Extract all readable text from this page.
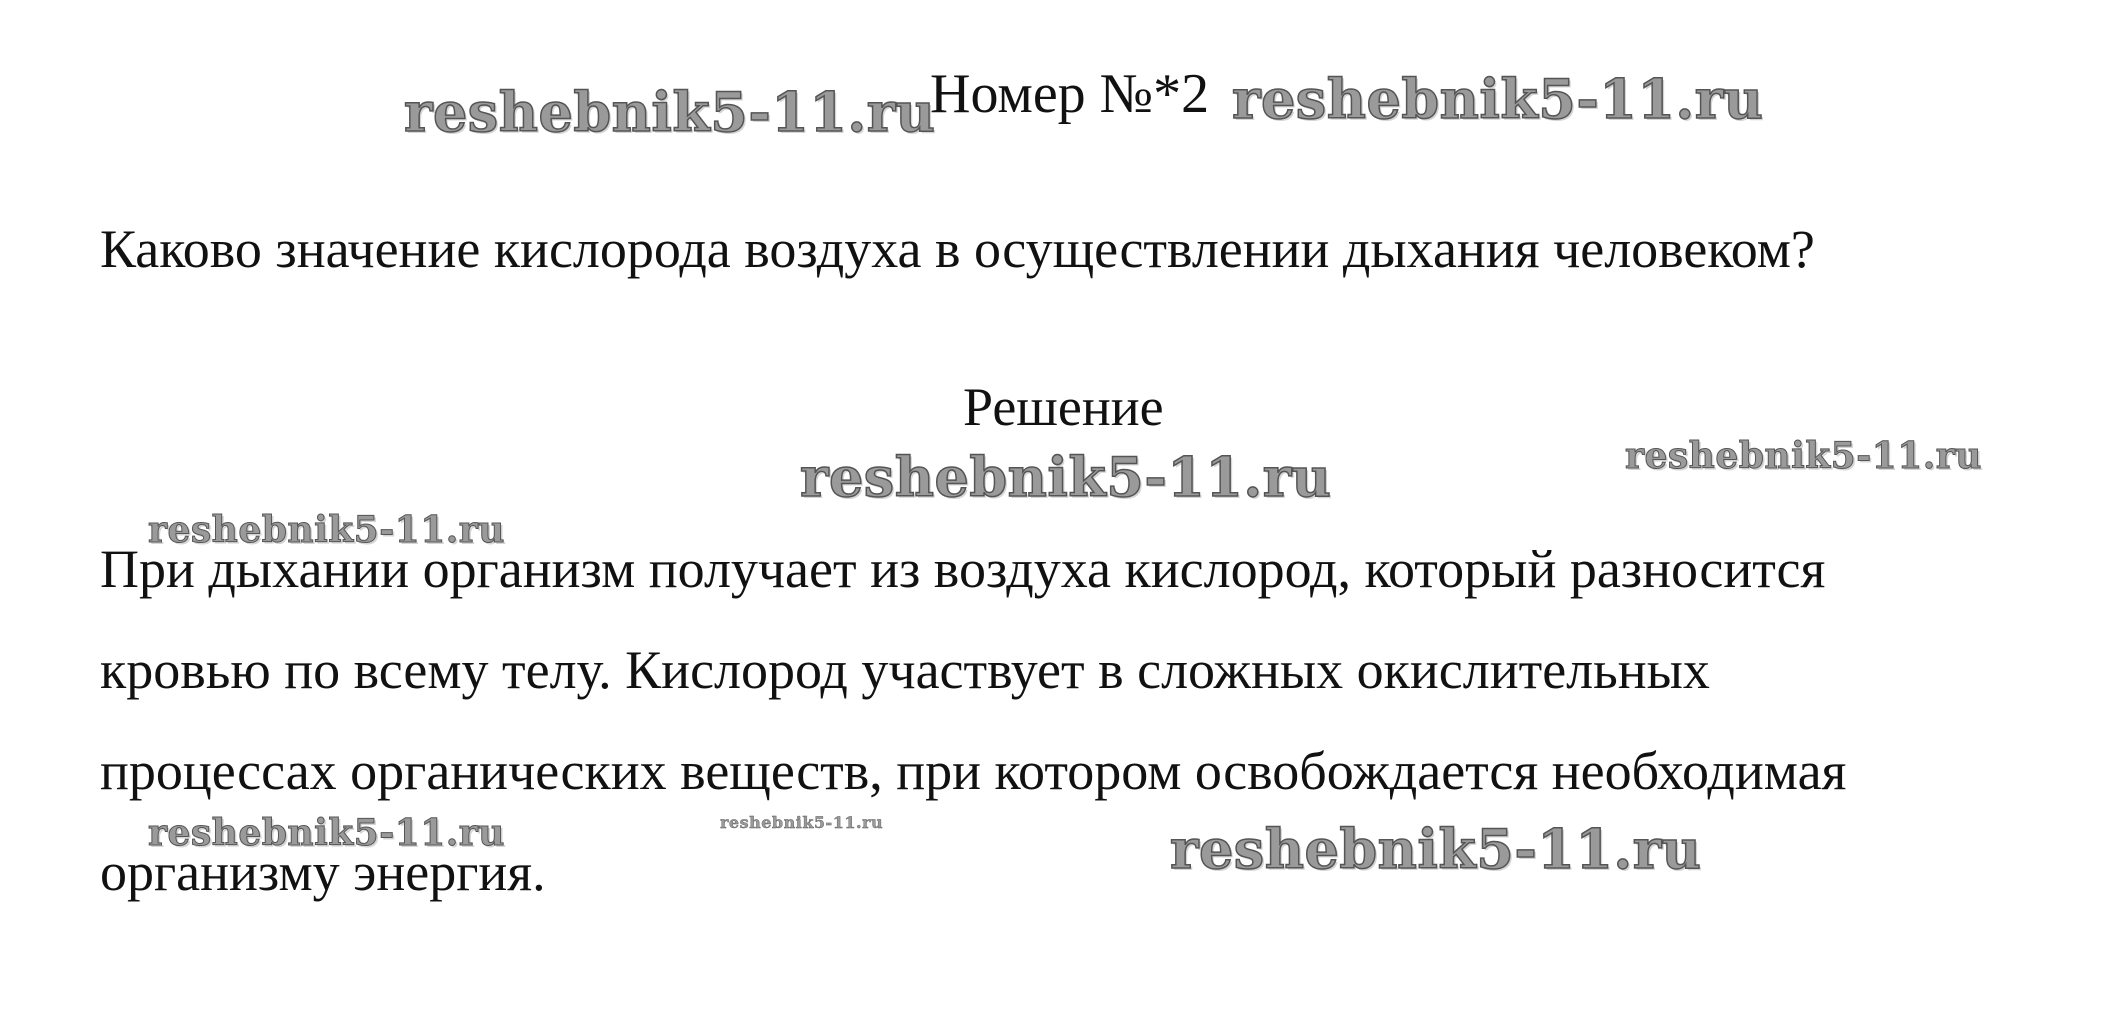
reshebnik5-11.ru	reshebnik5-11.ru
reshebnik5-11.ru	reshebnik5-11.ru
reshebnik5-11.ru
reshebnik5-11.ru	reshebnik5-11.ru	reshebnik5-11.ru
Номер №*2
Каково значение кислорода воздуха в осуществлении дыхания человеком?
Решение
При дыхании организм получает из воздуха кислород, который разносится
кровью по всему телу. Кислород участвует в сложных окислительных
процессах органических веществ, при котором освобождается необходимая
организму энергия.
